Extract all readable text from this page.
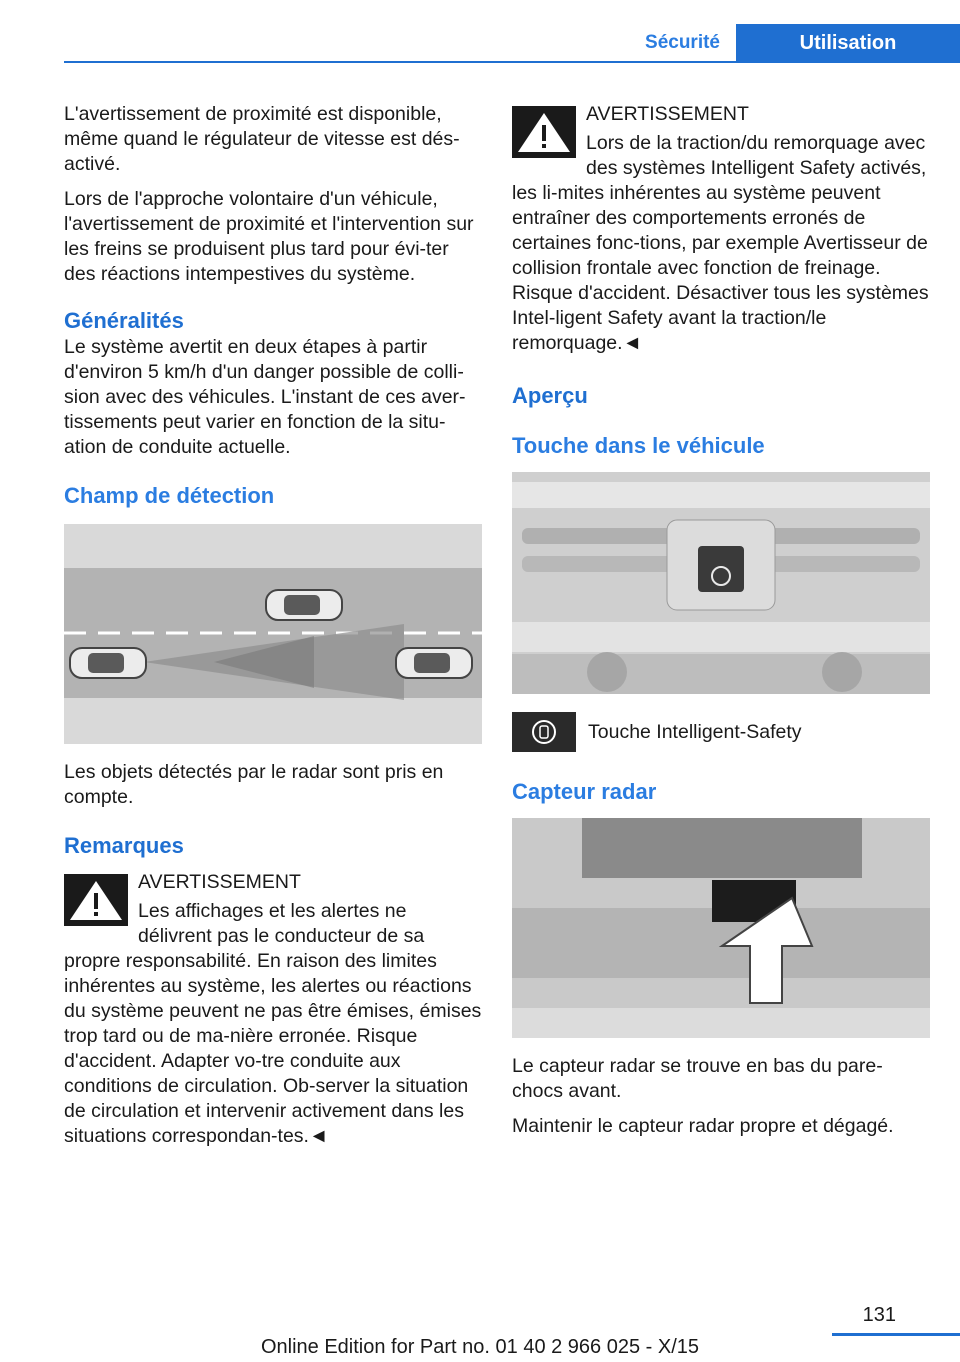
Sécurité	Utilisation

L'avertissement de proximité est disponible, même quand le régulateur de vitesse est dés-activé.

Lors de l'approche volontaire d'un véhicule, l'avertissement de proximité et l'intervention sur les freins se produisent plus tard pour évi-ter des réactions intempestives du système.

Généralités

Le système avertit en deux étapes à partir d'environ 5 km/h d'un danger possible de colli-sion avec des véhicules. L'instant de ces aver-tissements peut varier en fonction de la situ-ation de conduite actuelle.

Champ de détection

Les objets détectés par le radar sont pris en compte.

Remarques
AVERTISSEMENT

Les affichages et les alertes ne délivrent pas le conducteur de sa propre responsabilité. En raison des limites inhérentes au système, les alertes ou réactions du système peuvent ne pas être émises, émises trop tard ou de ma-nière erronée. Risque d'accident. Adapter vo-tre conduite aux conditions de circulation. Ob-server la situation de circulation et intervenir activement dans les situations correspondan-tes.◄

AVERTISSEMENT

Lors de la traction/du remorquage avec des systèmes Intelligent Safety activés, les li-mites inhérentes au système peuvent entraîner des comportements erronés de certaines fonc-tions, par exemple Avertisseur de collision frontale avec fonction de freinage. Risque d'accident. Désactiver tous les systèmes Intel-ligent Safety avant la traction/le remorquage.◄

Aperçu
Touche dans le véhicule
Touche Intelligent-Safety
Capteur radar

Le capteur radar se trouve en bas du pare-chocs avant.

Maintenir le capteur radar propre et dégagé.

131
Online Edition for Part no. 01 40 2 966 025 - X/15
